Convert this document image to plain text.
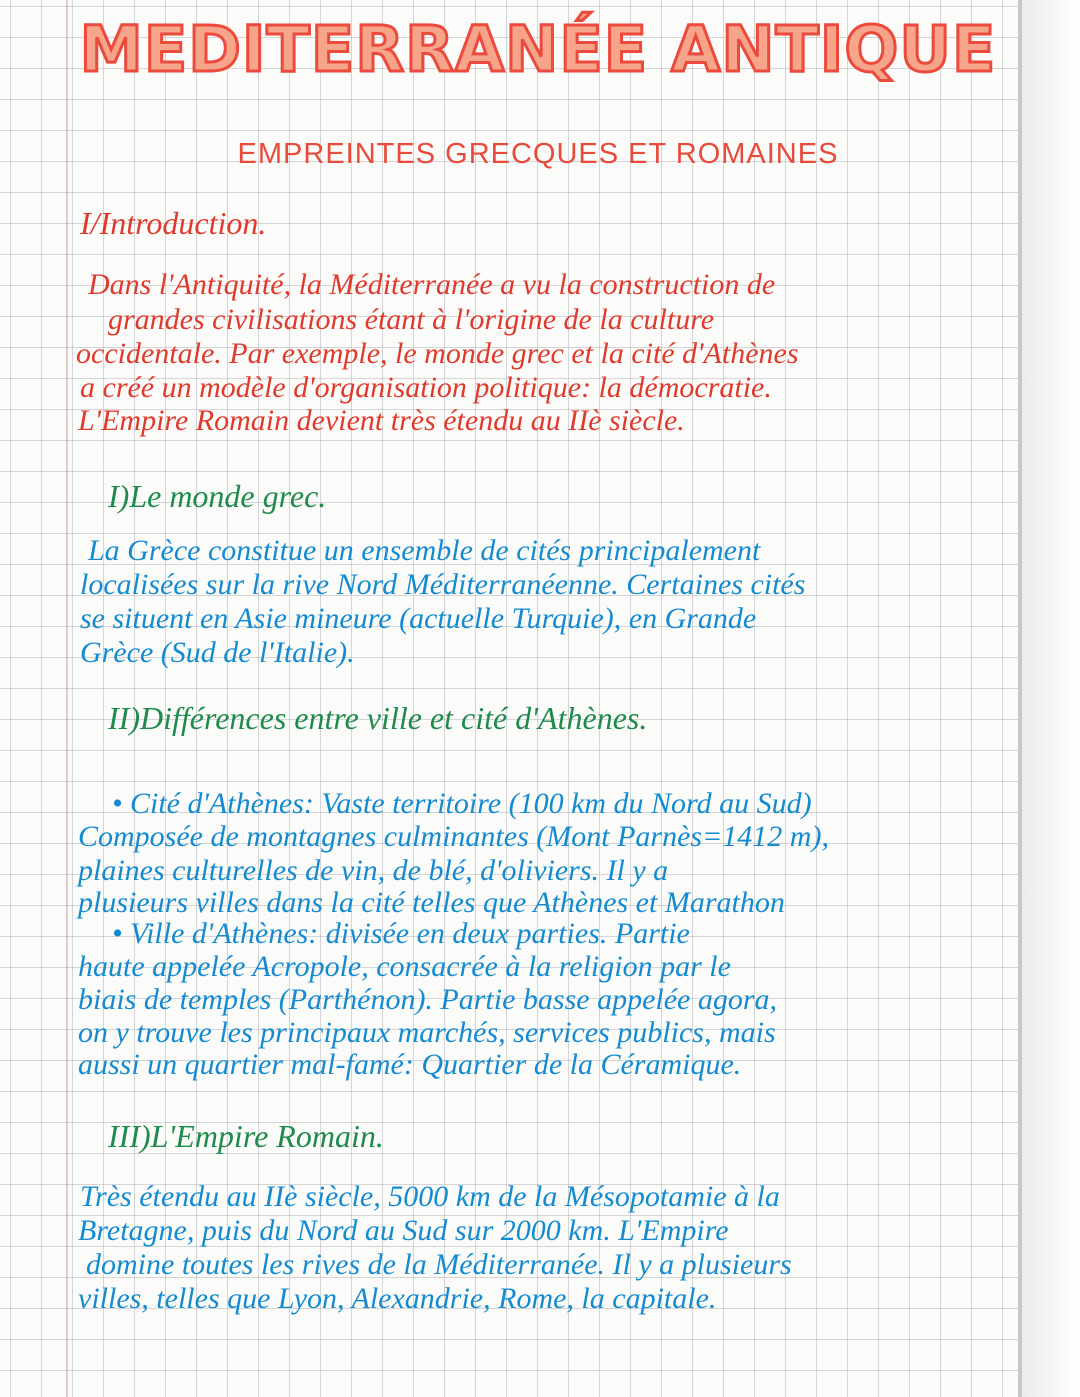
MEDITERRANÉE ANTIQUE
EMPREINTES GRECQUES ET ROMAINES
I/Introduction.
Dans l'Antiquité, la Méditerranée a vu la construction de
grandes civilisations étant à l'origine de la culture
occidentale. Par exemple, le monde grec et la cité d'Athènes
a créé un modèle d'organisation politique: la démocratie.
L'Empire Romain devient très étendu au IIè siècle.
I)Le monde grec.
La Grèce constitue un ensemble de cités principalement
localisées sur la rive Nord Méditerranéenne. Certaines cités
se situent en Asie mineure (actuelle Turquie), en Grande
Grèce (Sud de l'Italie).
II)Différences entre ville et cité d'Athènes.
• Cité d'Athènes: Vaste territoire (100 km du Nord au Sud)
Composée de montagnes culminantes (Mont Parnès=1412 m),
plaines culturelles de vin, de blé, d'oliviers. Il y a
plusieurs villes dans la cité telles que Athènes et Marathon
• Ville d'Athènes: divisée en deux parties. Partie
haute appelée Acropole, consacrée à la religion par le
biais de temples (Parthénon). Partie basse appelée agora,
on y trouve les principaux marchés, services publics, mais
aussi un quartier mal-famé: Quartier de la Céramique.
III)L'Empire Romain.
Très étendu au IIè siècle, 5000 km de la Mésopotamie à la
Bretagne, puis du Nord au Sud sur 2000 km. L'Empire
domine toutes les rives de la Méditerranée. Il y a plusieurs
villes, telles que Lyon, Alexandrie, Rome, la capitale.
